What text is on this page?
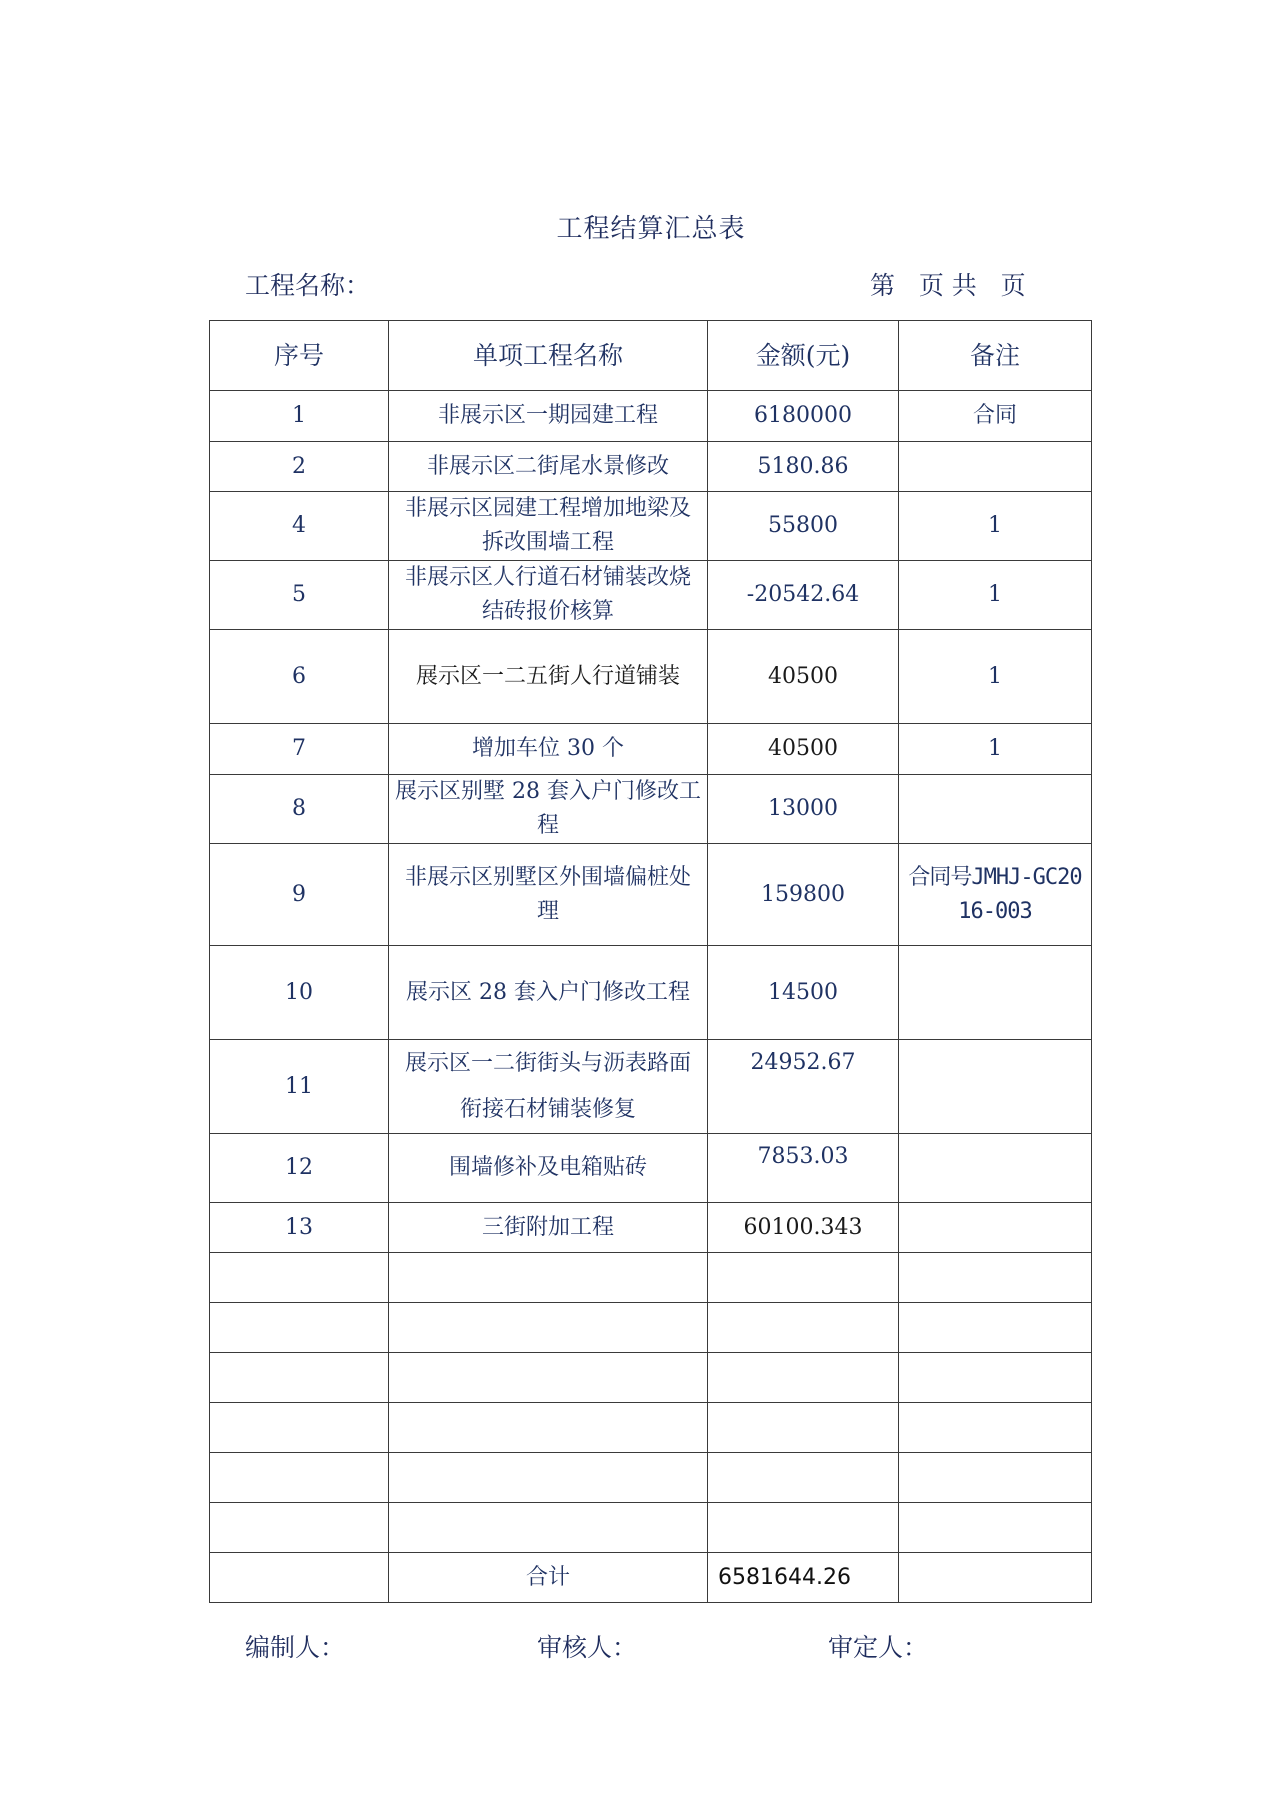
工程结算汇总表
工程名称：	第   页 共   页
序号	单项工程名称	金额(元)	备注
1	非展示区一期园建工程	6180000	合同
2	非展示区二街尾水景修改	5180.86	
4	非展示区园建工程增加地梁及拆改围墙工程	55800	1
5	非展示区人行道石材铺装改烧结砖报价核算	-20542.64	1
6	展示区一二五街人行道铺装	40500	1
7	增加车位 30 个	40500	1
8	展示区别墅 28 套入户门修改工程	13000	
9	非展示区别墅区外围墙偏桩处理	159800	合同号JMHJ-GC2016-003
10	展示区 28 套入户门修改工程	14500	
11	展示区一二街街头与沥表路面衔接石材铺装修复	24952.67	
12	围墙修补及电箱贴砖	7853.03	
13	三街附加工程	60100.343	

	合计	6581644.26	
编制人：	审核人：	审定人：
